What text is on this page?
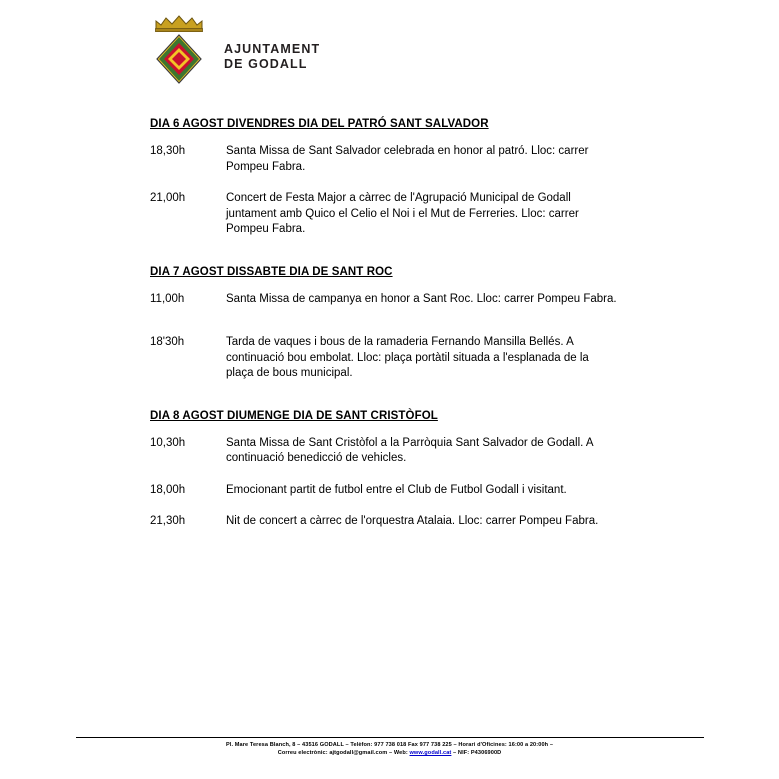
AJUNTAMENT
DE GODALL
DIA 6 AGOST DIVENDRES DIA DEL PATRÓ SANT SALVADOR
18,30h	Santa Missa de Sant Salvador celebrada en honor al patró. Lloc: carrer Pompeu Fabra.
21,00h	Concert de Festa Major a càrrec de l'Agrupació Municipal de Godall juntament amb Quico el Celio el Noi i el Mut de Ferreries. Lloc: carrer Pompeu Fabra.
DIA 7 AGOST DISSABTE DIA DE SANT ROC
11,00h	Santa Missa de campanya en honor a Sant Roc. Lloc: carrer Pompeu Fabra.
18'30h	Tarda de vaques i bous de la ramaderia Fernando Mansilla Bellés. A continuació bou embolat. Lloc: plaça portàtil situada a l'esplanada de la plaça de bous municipal.
DIA 8 AGOST DIUMENGE DIA DE SANT CRISTÒFOL
10,30h	Santa Missa de Sant Cristòfol a la Parròquia Sant Salvador de Godall. A continuació benedicció de vehicles.
18,00h	Emocionant partit de futbol entre el Club de Futbol Godall i visitant.
21,30h	Nit de concert a càrrec de l'orquestra Atalaia. Lloc: carrer Pompeu Fabra.
Pl. Mare Teresa Blanch, 8 – 43516 GODALL – Telèfon: 977 738 018 Fax 977 738 225 – Horari d'Oficines: 16:00 a 20:00h –
Correu electrònic: ajtgodall@gmail.com – Web: www.godall.cat – NIF: P4306900D
